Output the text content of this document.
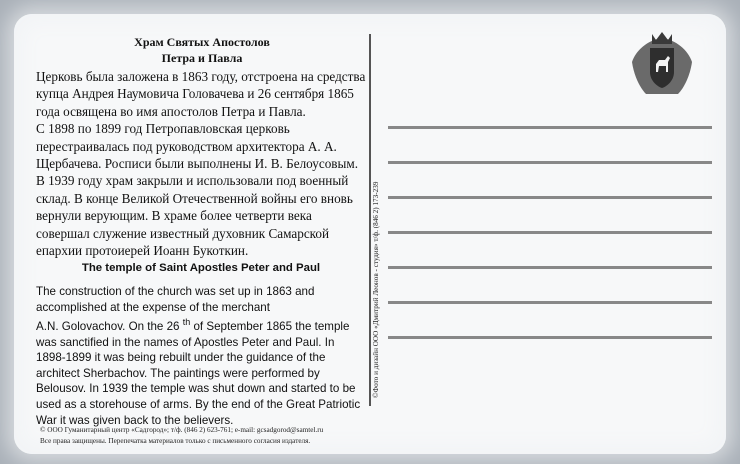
Храм Святых Апостолов
Петра и Павла

Церковь была заложена в 1863 году, отстроена на средства купца Андрея Наумовича Головачева и 26 сентября 1865 года освящена во имя апостолов Петра и Павла.

С 1898 по 1899 год Петропавловская церковь перестраивалась под руководством архитектора А. А. Щербачева. Росписи были выполнены И. В. Белоусовым. В 1939 году храм закрыли и использовали под военный склад. В конце Великой Отечественной войны его вновь вернули верующим. В храме более четверти века совершал служение известный духовник Самарской епархии протоиерей Иоанн Букоткин.

The temple of Saint Apostles Peter and Paul

The construction of the church was set up in 1863 and accomplished at the expense of the merchant

A.N. Golovachov. On the 26 $^{th}$ of September 1865 the temple was sanctified in the names of Apostles Peter and Paul. In 1898-1899 it was being rebuilt under the guidance of the architect Sherbachov. The paintings were performed by Belousov. In 1939 the temple was shut down and started to be used as a storehouse of arms. By the end of the Great Patriotic War it was given back to the believers.

©Фото и дизайн ООО «Дмитрий Леонов - студия» т/ф. (846 2) 173-239
© ООО Гуманитарный центр «Садгород»; т/ф. (846 2) 623-761; e-mail: gcsadgorod@samtel.ru
Все права защищены. Перепечатка материалов только с письменного согласия издателя.
